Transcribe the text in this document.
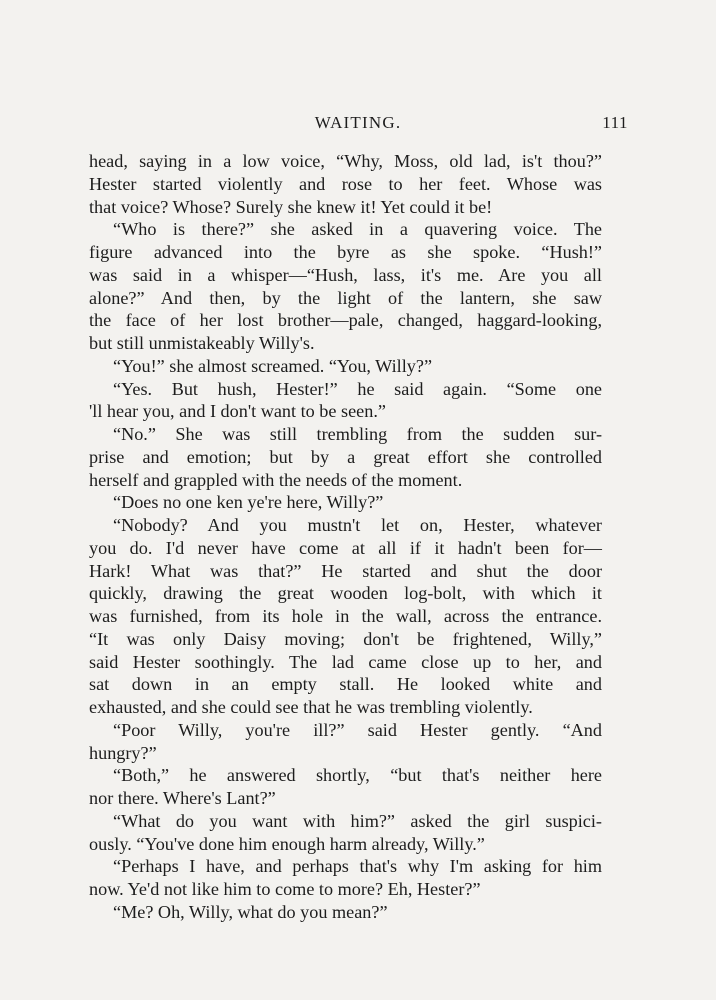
WAITING.	111
head, saying in a low voice, “Why, Moss, old lad, is't thou?”
Hester started violently and rose to her feet. Whose was
that voice? Whose? Surely she knew it! Yet could it be!
“Who is there?” she asked in a quavering voice. The
figure advanced into the byre as she spoke. “Hush!”
was said in a whisper—“Hush, lass, it's me. Are you all
alone?” And then, by the light of the lantern, she saw
the face of her lost brother—pale, changed, haggard-looking,
but still unmistakeably Willy's.
“You!” she almost screamed. “You, Willy?”
“Yes. But hush, Hester!” he said again. “Some one
'll hear you, and I don't want to be seen.”
“No.” She was still trembling from the sudden sur-
prise and emotion; but by a great effort she controlled
herself and grappled with the needs of the moment.
“Does no one ken ye're here, Willy?”
“Nobody? And you mustn't let on, Hester, whatever
you do. I'd never have come at all if it hadn't been for—
Hark! What was that?” He started and shut the door
quickly, drawing the great wooden log-bolt, with which it
was furnished, from its hole in the wall, across the entrance.
“It was only Daisy moving; don't be frightened, Willy,”
said Hester soothingly. The lad came close up to her, and
sat down in an empty stall. He looked white and
exhausted, and she could see that he was trembling violently.
“Poor Willy, you're ill?” said Hester gently. “And
hungry?”
“Both,” he answered shortly, “but that's neither here
nor there. Where's Lant?”
“What do you want with him?” asked the girl suspici-
ously. “You've done him enough harm already, Willy.”
“Perhaps I have, and perhaps that's why I'm asking for him
now. Ye'd not like him to come to more? Eh, Hester?”
“Me? Oh, Willy, what do you mean?”
